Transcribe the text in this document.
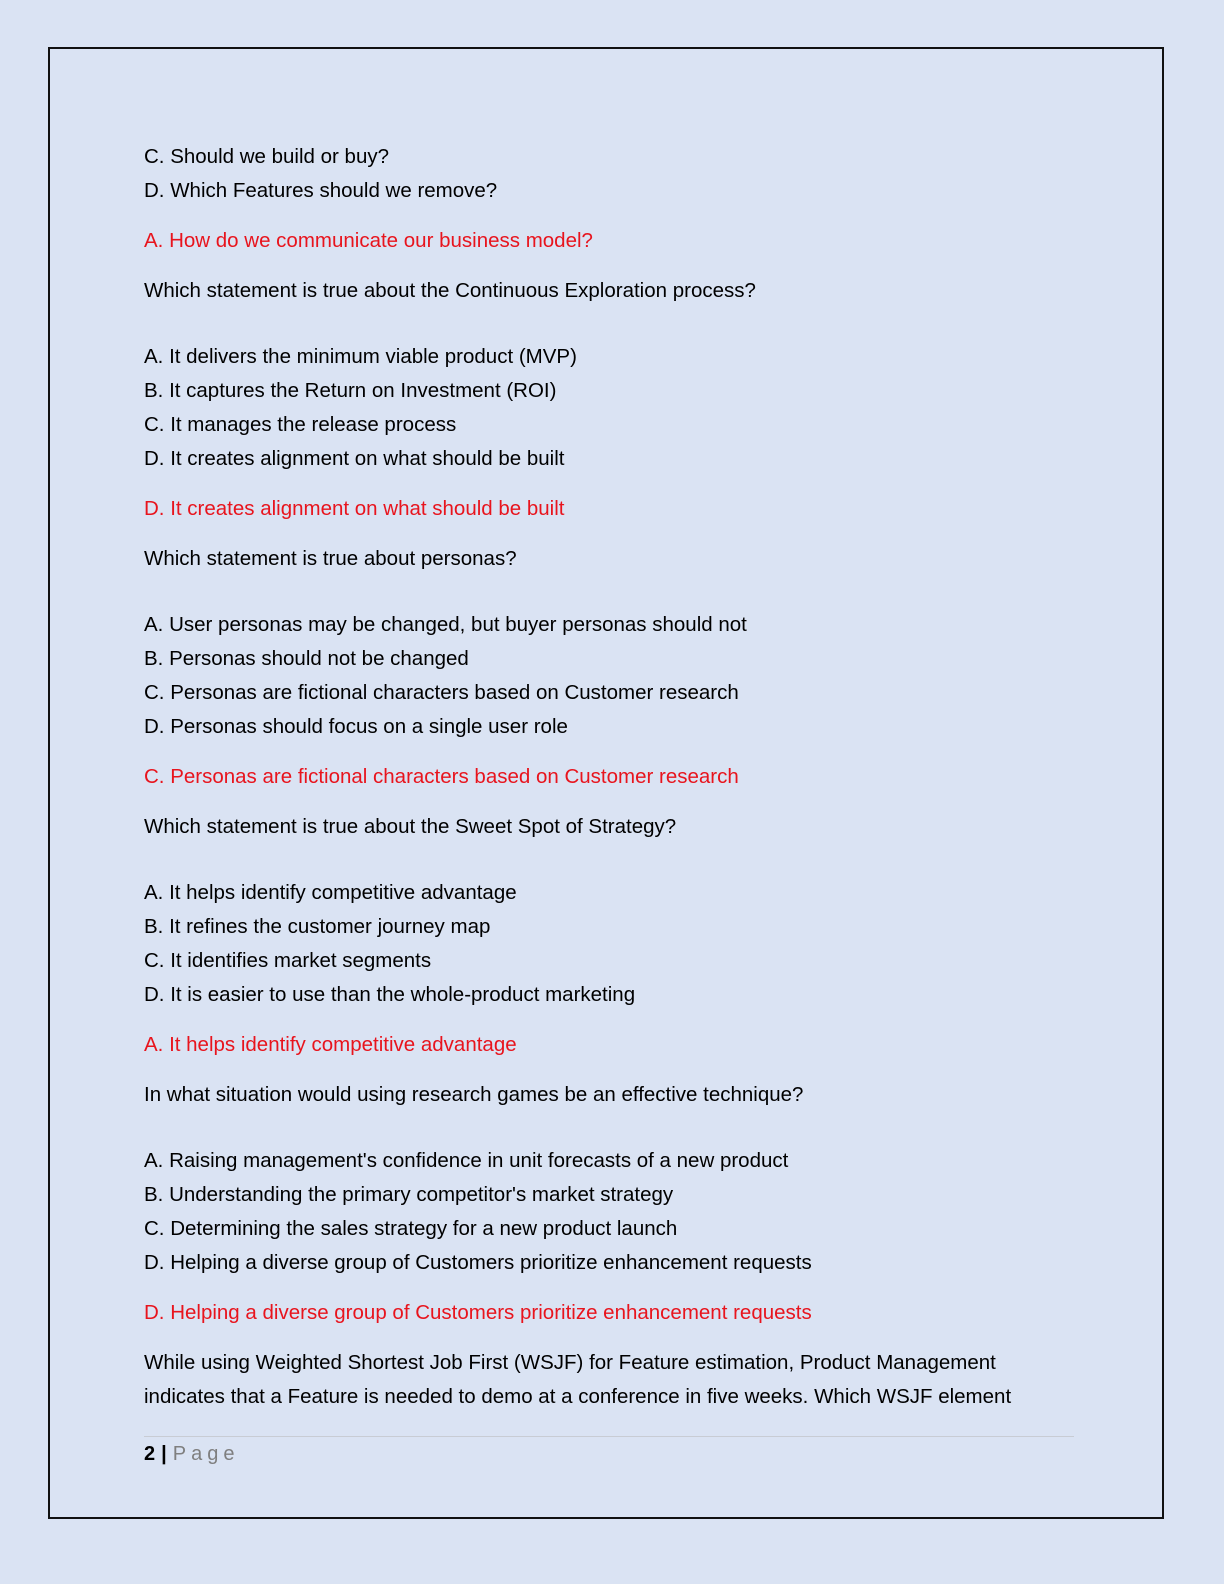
C. Should we build or buy?

D. Which Features should we remove?

A. How do we communicate our business model?

Which statement is true about the Continuous Exploration process?

A. It delivers the minimum viable product (MVP)

B. It captures the Return on Investment (ROI)

C. It manages the release process

D. It creates alignment on what should be built

D. It creates alignment on what should be built

Which statement is true about personas?

A. User personas may be changed, but buyer personas should not

B. Personas should not be changed

C. Personas are fictional characters based on Customer research

D. Personas should focus on a single user role

C. Personas are fictional characters based on Customer research

Which statement is true about the Sweet Spot of Strategy?

A. It helps identify competitive advantage

B. It refines the customer journey map

C. It identifies market segments

D. It is easier to use than the whole-product marketing

A. It helps identify competitive advantage

In what situation would using research games be an effective technique?

A. Raising management's confidence in unit forecasts of a new product

B. Understanding the primary competitor's market strategy

C. Determining the sales strategy for a new product launch

D. Helping a diverse group of Customers prioritize enhancement requests

D. Helping a diverse group of Customers prioritize enhancement requests

While using Weighted Shortest Job First (WSJF) for Feature estimation, Product Management indicates that a Feature is needed to demo at a conference in five weeks. Which WSJF element

2 | Page
